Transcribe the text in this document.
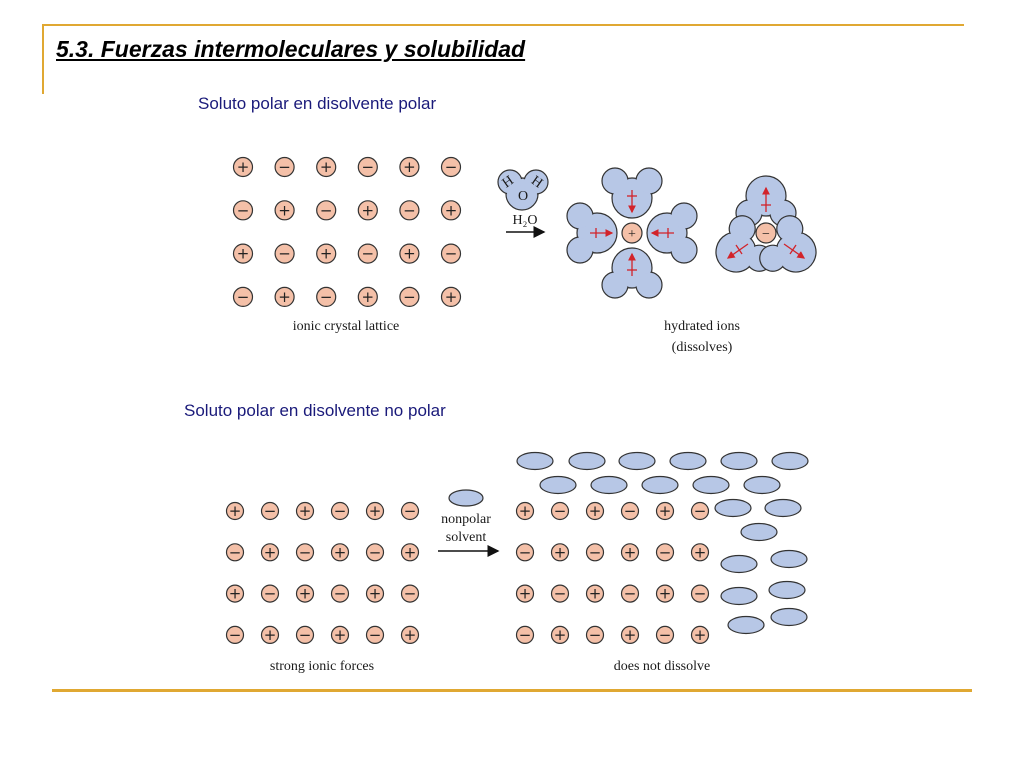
5.3. Fuerzas intermoleculares y solubilidad
Soluto polar en disolvente polar
Soluto polar en disolvente no polar
+ − + − + −
− + − + − +
+ − + − + −
− + − + − +
ionic crystal lattice
H H
O
H₂O
+	−
hydrated ions
(dissolves)
+ − + − + −
− + − + − +
+ − + − + −
− + − + − +
strong ionic forces
nonpolar
solvent
+ − + − + −
− + − + − +
+ − + − + −
− + − + − +
does not dissolve
